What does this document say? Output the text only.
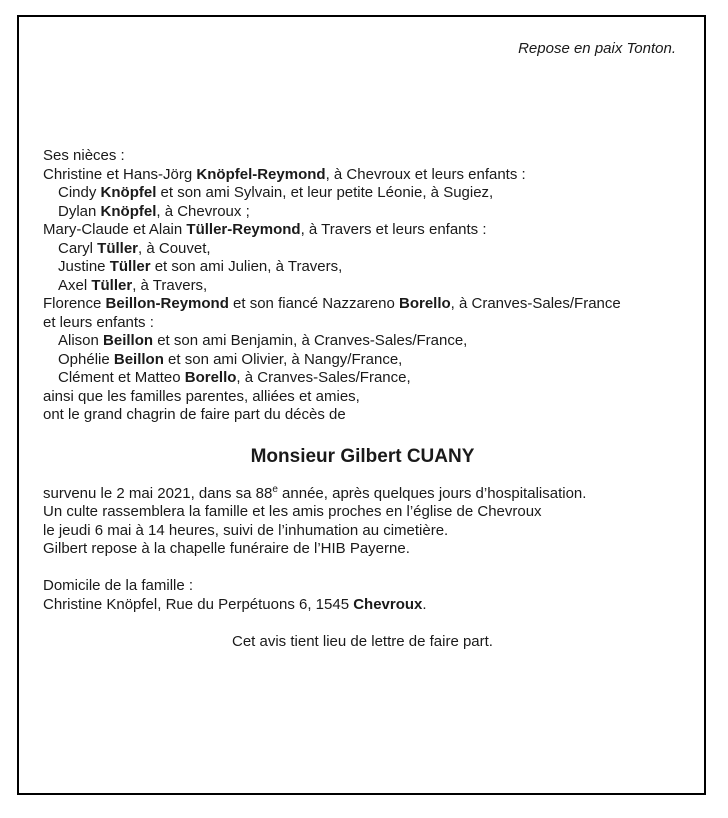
Repose en paix Tonton.
Ses nièces :
Christine et Hans-Jörg Knöpfel-Reymond, à Chevroux et leurs enfants :
Cindy Knöpfel et son ami Sylvain, et leur petite Léonie, à Sugiez,
Dylan Knöpfel, à Chevroux ;
Mary-Claude et Alain Tüller-Reymond, à Travers et leurs enfants :
Caryl Tüller, à Couvet,
Justine Tüller et son ami Julien, à Travers,
Axel Tüller, à Travers,
Florence Beillon-Reymond et son fiancé Nazzareno Borello, à Cranves-Sales/France
et leurs enfants :
Alison Beillon et son ami Benjamin, à Cranves-Sales/France,
Ophélie Beillon et son ami Olivier, à Nangy/France,
Clément et Matteo Borello, à Cranves-Sales/France,
ainsi que les familles parentes, alliées et amies,
ont le grand chagrin de faire part du décès de
Monsieur Gilbert CUANY
survenu le 2 mai 2021, dans sa 88e année, après quelques jours d’hospitalisation.
Un culte rassemblera la famille et les amis proches en l’église de Chevroux
le jeudi 6 mai à 14 heures, suivi de l’inhumation au cimetière.
Gilbert repose à la chapelle funéraire de l’HIB Payerne.
Domicile de la famille :
Christine Knöpfel, Rue du Perpétuons 6, 1545 Chevroux.
Cet avis tient lieu de lettre de faire part.
